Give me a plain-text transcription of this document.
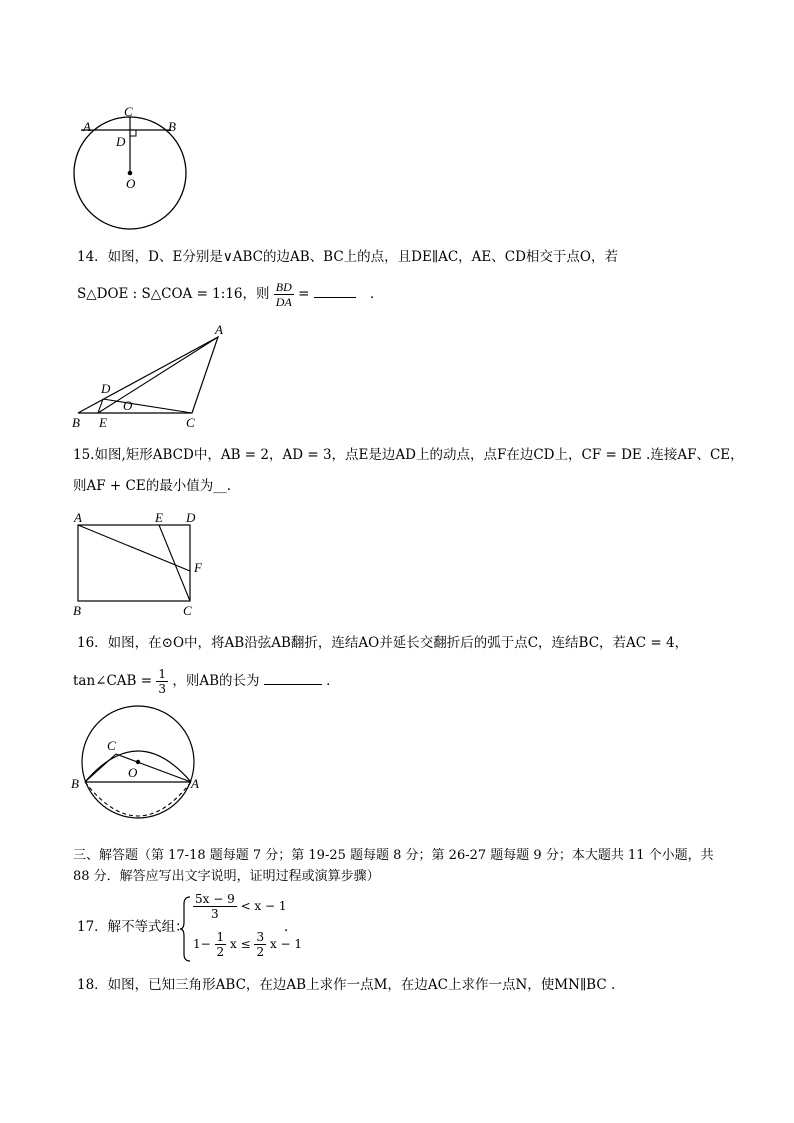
A
C
B
D
O
14．如图，D、E分别是∨ABC的边AB、BC上的点，且DE∥AC，AE、CD相交于点O，若
S△DOE : S△COA = 1:16，则 $\frac{BD}{DA}$ =	．
A
D
O
B E	C
15.如图,矩形ABCD中，AB = 2，AD = 3，点E是边AD上的动点，点F在边CD上，CF = DE .连接AF、CE，
则AF + CE的最小值为__.
A	E D
F
B	C
16．如图，在⊙O中，将AB沿弦AB翻折，连结AO并延长交翻折后的弧于点C，连结BC，若AC = 4，
tan∠CAB = $\frac{1}{3}$ ，则AB的长为	．
C
O
B	A
三、解答题（第 17-18 题每题 7 分；第 19-25 题每题 8 分；第 26-27 题每题 9 分；本大题共 11 个小题，共
88 分．解答应写出文字说明，证明过程或演算步骤）
17．解不等式组：
$\frac{5x - 9}{3} < x - 1$
$1- \frac{1}{2}$ $x \le \frac{3}{2}$ x − 1
．
18．如图，已知三角形ABC，在边AB上求作一点M，在边AC上求作一点N，使MN∥BC .
